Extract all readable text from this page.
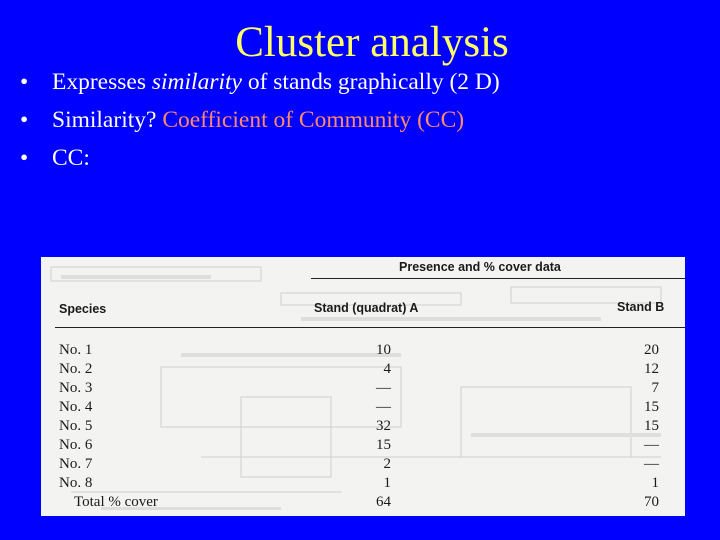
Cluster analysis
• Expresses similarity of stands graphically (2 D)
• Similarity? Coefficient of Community (CC)
• CC:
Presence and % cover data
Species	Stand (quadrat) A	Stand B
No. 1	10	20
No. 2	4	12
No. 3	—	7
No. 4	—	15
No. 5	32	15
No. 6	15	—
No. 7	2	—
No. 8	1	1
Total % cover	64	70
